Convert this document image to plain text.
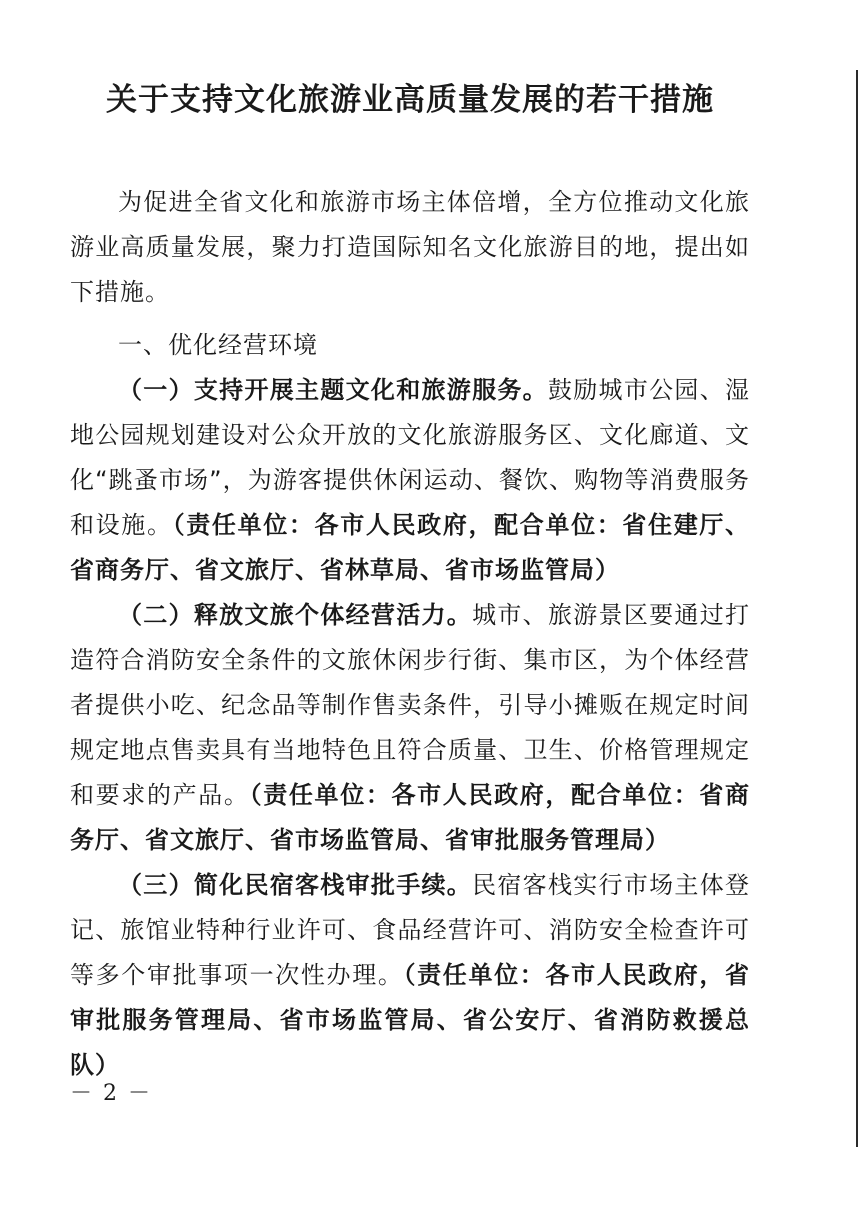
关于支持文化旅游业高质量发展的若干措施

为促进全省文化和旅游市场主体倍增，全方位推动文化旅游业高质量发展，聚力打造国际知名文化旅游目的地，提出如下措施。

一、优化经营环境

（一）支持开展主题文化和旅游服务。鼓励城市公园、湿地公园规划建设对公众开放的文化旅游服务区、文化廊道、文化“跳蚤市场”，为游客提供休闲运动、餐饮、购物等消费服务和设施。（责任单位：各市人民政府，配合单位：省住建厅、省商务厅、省文旅厅、省林草局、省市场监管局）

（二）释放文旅个体经营活力。城市、旅游景区要通过打造符合消防安全条件的文旅休闲步行街、集市区，为个体经营者提供小吃、纪念品等制作售卖条件，引导小摊贩在规定时间规定地点售卖具有当地特色且符合质量、卫生、价格管理规定和要求的产品。（责任单位：各市人民政府，配合单位：省商务厅、省文旅厅、省市场监管局、省审批服务管理局）

（三）简化民宿客栈审批手续。民宿客栈实行市场主体登记、旅馆业特种行业许可、食品经营许可、消防安全检查许可等多个审批事项一次性办理。（责任单位：各市人民政府，省审批服务管理局、省市场监管局、省公安厅、省消防救援总队）

－ 2 －
